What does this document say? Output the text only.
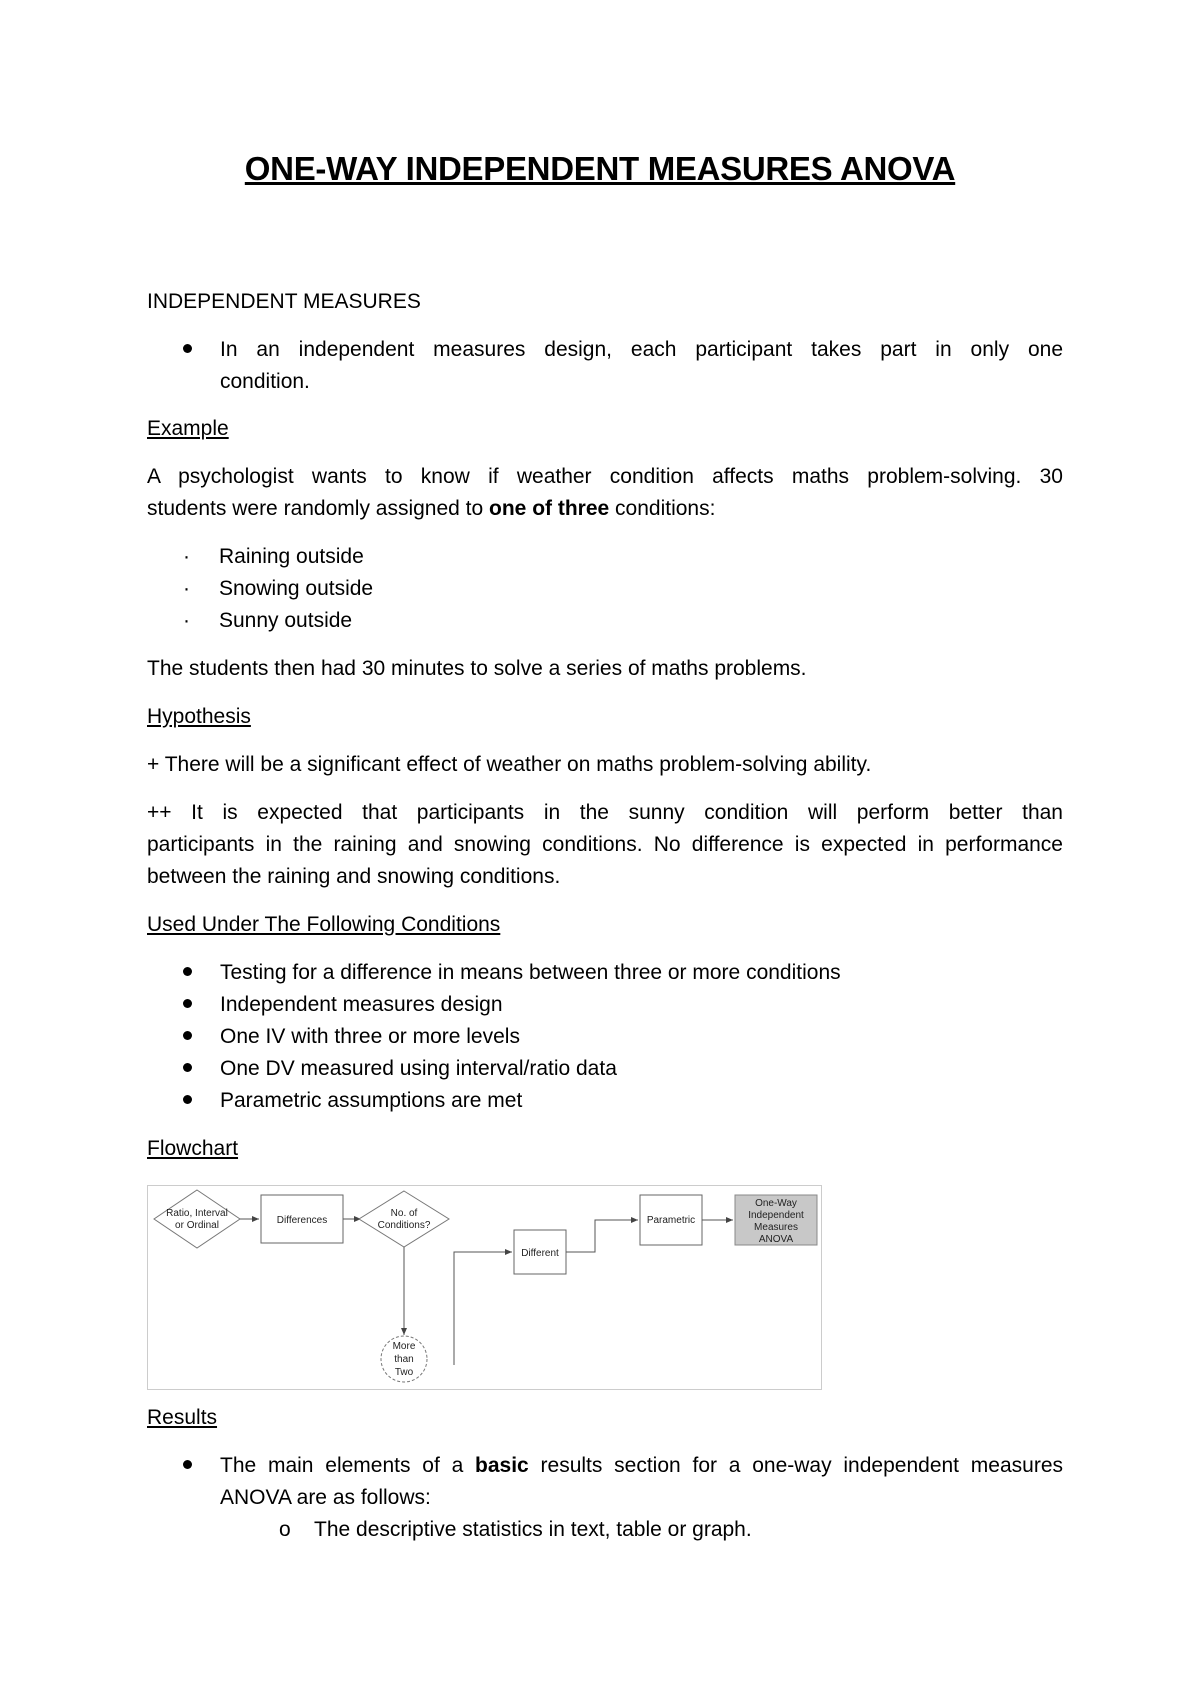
ONE-WAY INDEPENDENT MEASURES ANOVA
INDEPENDENT MEASURES
In an independent measures design, each participant takes part in only one
condition.
Example
A psychologist wants to know if weather condition affects maths problem-solving. 30
students were randomly assigned to one of three conditions:
· Raining outside
· Snowing outside
· Sunny outside
The students then had 30 minutes to solve a series of maths problems.
Hypothesis
+ There will be a significant effect of weather on maths problem-solving ability.
++ It is expected that participants in the sunny condition will perform better than
participants in the raining and snowing conditions. No difference is expected in performance
between the raining and snowing conditions.
Used Under The Following Conditions
Testing for a difference in means between three or more conditions
Independent measures design
One IV with three or more levels
One DV measured using interval/ratio data
Parametric assumptions are met
Flowchart
Ratio, Interval
or Ordinal	Differences
No. of
Conditions?
More
than
Two
Different
Parametric
One-Way
Independent
Measures
ANOVA
Results
The main elements of a basic results section for a one-way independent measures
ANOVA are as follows:
o The descriptive statistics in text, table or graph.
